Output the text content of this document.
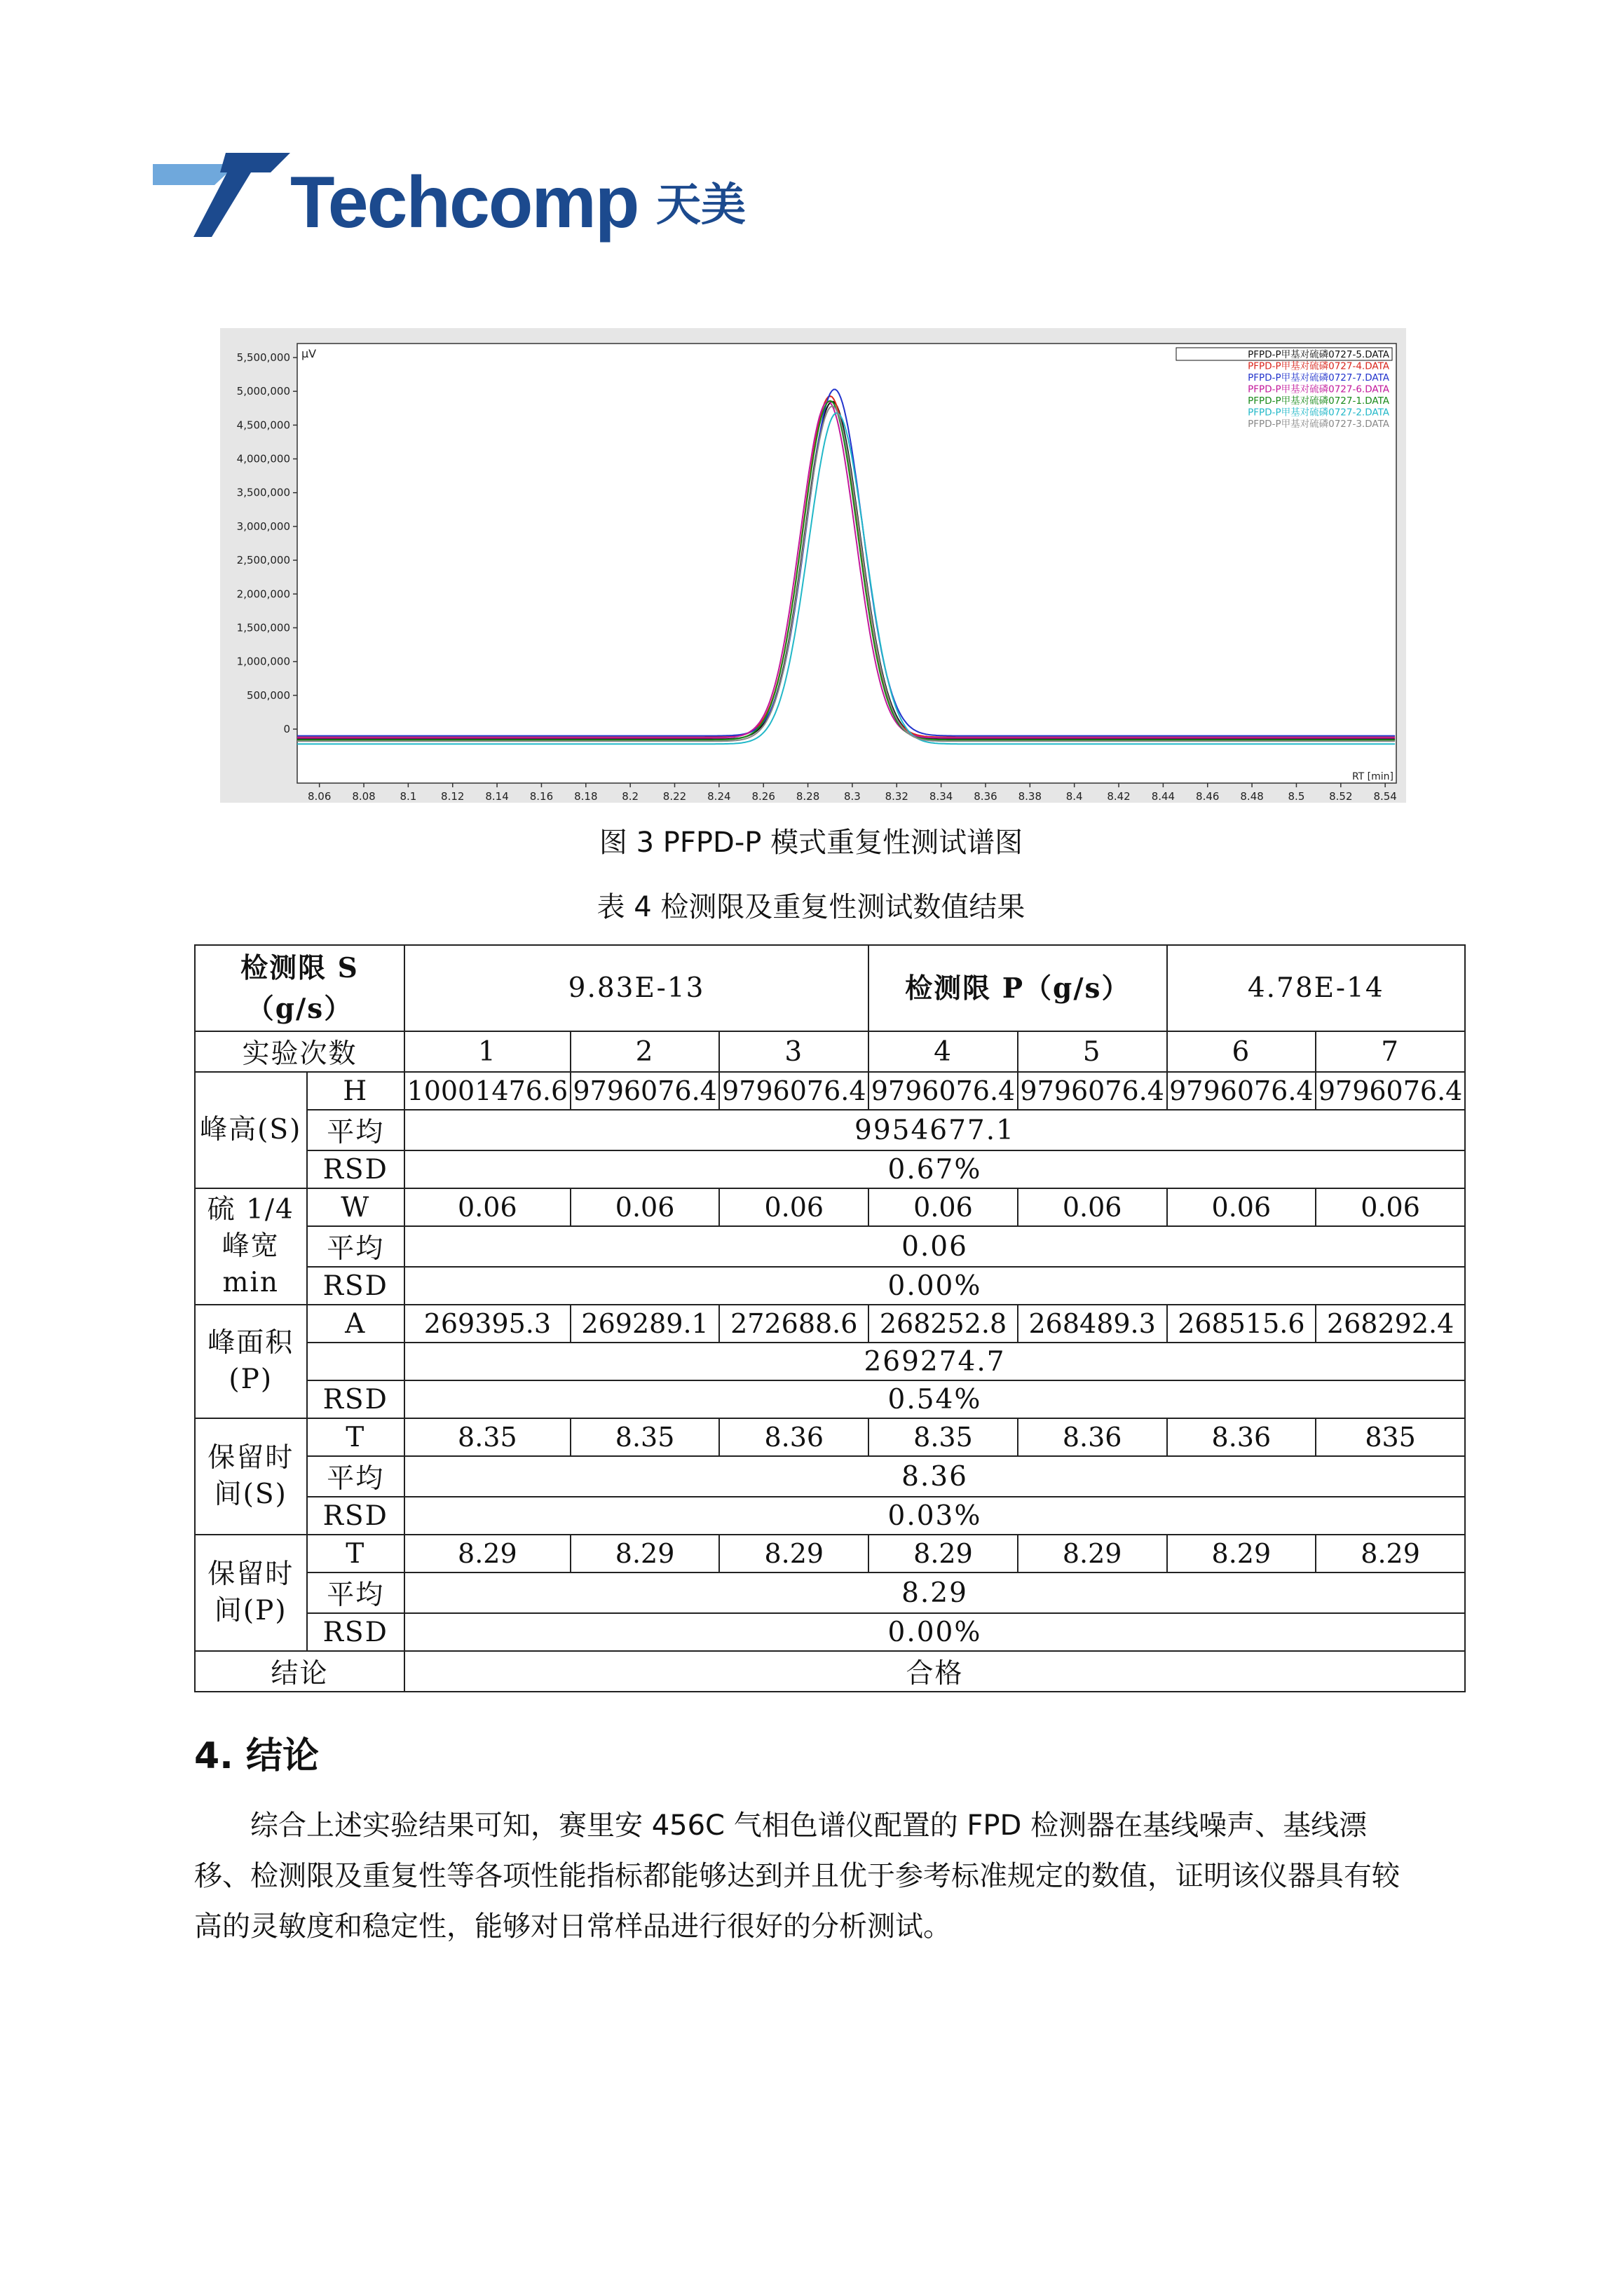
Techcomp 天美
0
500,000
1,000,000
1,500,000
2,000,000
2,500,000
3,000,000
3,500,000
4,000,000
4,500,000
5,000,000
5,500,000
8.06 8.08 8.1 8.12 8.14 8.16 8.18 8.2 8.22 8.24 8.26 8.28 8.3 8.32 8.34 8.36 8.38 8.4 8.42 8.44 8.46 8.48 8.5 8.52 8.54
μV
RT [min]
PFPD-P甲基对硫磷0727-5.DATA
PFPD-P甲基对硫磷0727-4.DATA
PFPD-P甲基对硫磷0727-7.DATA
PFPD-P甲基对硫磷0727-6.DATA
PFPD-P甲基对硫磷0727-1.DATA
PFPD-P甲基对硫磷0727-2.DATA
PFPD-P甲基对硫磷0727-3.DATA
图 3 PFPD-P 模式重复性测试谱图
表 4 检测限及重复性测试数值结果
检测限 S（g/s）		9.83E-13			检测限 P（g/s）		4.78E-14	
实验次数		1	2	3	4	5	6	7
峰高(S)	H	10001476.6	9796076.4	9796076.4	9796076.4	9796076.4	9796076.4	9796076.4
	平均	9954677.1						
	RSD	0.67%						
硫 1/4 峰宽 min	W	0.06	0.06	0.06	0.06	0.06	0.06	0.06
	平均	0.06						
	RSD	0.00%						
峰面积(P)	A	269395.3	269289.1	272688.6	268252.8	268489.3	268515.6	268292.4
		269274.7						
	RSD	0.54%						
保留时间(S)	T	8.35	8.35	8.36	8.35	8.36	8.36	835
	平均	8.36						
	RSD	0.03%						
保留时间(P)	T	8.29	8.29	8.29	8.29	8.29	8.29	8.29
	平均	8.29						
	RSD	0.00%						
结论		合格						
4. 结论

综合上述实验结果可知，赛里安 456C 气相色谱仪配置的 FPD 检测器在基线噪声、基线漂

移、检测限及重复性等各项性能指标都能够达到并且优于参考标准规定的数值，证明该仪器具有较

高的灵敏度和稳定性，能够对日常样品进行很好的分析测试。
